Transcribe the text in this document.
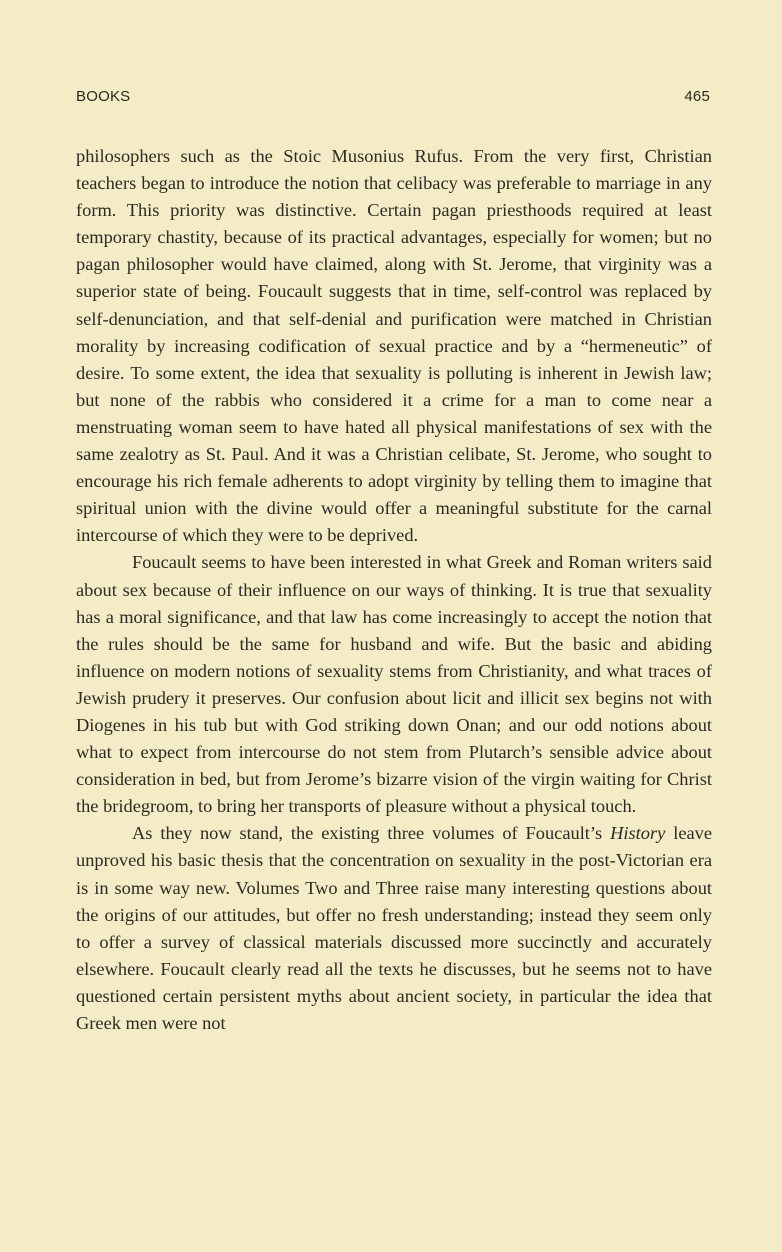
BOOKS	465

philosophers such as the Stoic Musonius Rufus. From the very first, Christian teachers began to introduce the notion that celibacy was preferable to marriage in any form. This priority was distinctive. Certain pagan priesthoods required at least temporary chastity, because of its practical advantages, especially for women; but no pagan philosopher would have claimed, along with St. Jerome, that virginity was a superior state of being. Foucault suggests that in time, self-control was replaced by self-denunciation, and that self-denial and purification were matched in Christian morality by increasing codification of sexual practice and by a “hermeneutic” of desire. To some extent, the idea that sexuality is polluting is inherent in Jewish law; but none of the rabbis who considered it a crime for a man to come near a menstruating woman seem to have hated all physical manifestations of sex with the same zealotry as St. Paul. And it was a Christian celibate, St. Jerome, who sought to encourage his rich female adherents to adopt virginity by telling them to imagine that spiritual union with the divine would offer a meaningful substitute for the carnal intercourse of which they were to be deprived.

Foucault seems to have been interested in what Greek and Roman writers said about sex because of their influence on our ways of thinking. It is true that sexuality has a moral significance, and that law has come increasingly to accept the notion that the rules should be the same for husband and wife. But the basic and abiding influence on modern notions of sexuality stems from Christianity, and what traces of Jewish prudery it preserves. Our confusion about licit and illicit sex begins not with Diogenes in his tub but with God striking down Onan; and our odd notions about what to expect from intercourse do not stem from Plutarch’s sensible advice about consideration in bed, but from Jerome’s bizarre vision of the virgin waiting for Christ the bridegroom, to bring her transports of pleasure without a physical touch.

As they now stand, the existing three volumes of Foucault’s History leave unproved his basic thesis that the concentration on sexuality in the post-Victorian era is in some way new. Volumes Two and Three raise many interesting questions about the origins of our attitudes, but offer no fresh understanding; instead they seem only to offer a survey of classical materials discussed more succinctly and accurately elsewhere. Foucault clearly read all the texts he discusses, but he seems not to have questioned certain persistent myths about ancient society, in particular the idea that Greek men were not
